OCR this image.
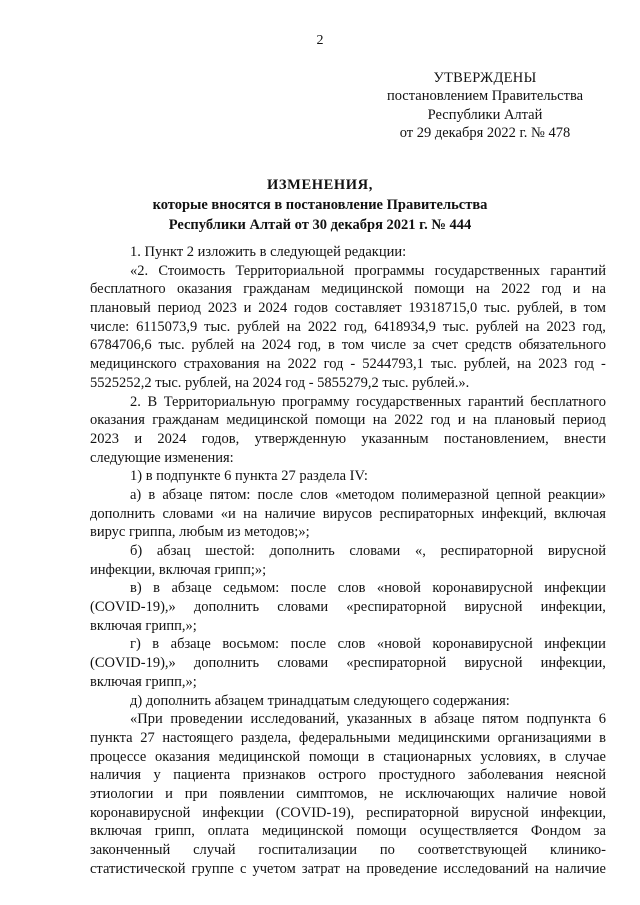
2
УТВЕРЖДЕНЫ
постановлением Правительства
Республики Алтай
от 29 декабря 2022 г. № 478
ИЗМЕНЕНИЯ,
которые вносятся в постановление Правительства
Республики Алтай от 30 декабря 2021 г. № 444
1. Пункт 2 изложить в следующей редакции:
«2. Стоимость Территориальной программы государственных гарантий
бесплатного оказания гражданам медицинской помощи на 2022 год и на
плановый период 2023 и 2024 годов составляет 19318715,0 тыс. рублей, в том
числе: 6115073,9 тыс. рублей на 2022 год, 6418934,9 тыс. рублей на 2023 год,
6784706,6 тыс. рублей на 2024 год, в том числе за счет средств обязательного
медицинского страхования на 2022 год - 5244793,1 тыс. рублей, на 2023 год -
5525252,2 тыс. рублей, на 2024 год - 5855279,2 тыс. рублей.».
2. В Территориальную программу государственных гарантий бесплатного
оказания гражданам медицинской помощи на 2022 год и на плановый период
2023 и 2024 годов, утвержденную указанным постановлением, внести
следующие изменения:
1) в подпункте 6 пункта 27 раздела IV:
а) в абзаце пятом: после слов «методом полимеразной цепной реакции»
дополнить словами «и на наличие вирусов респираторных инфекций, включая
вирус гриппа, любым из методов;»;
б) абзац шестой: дополнить словами «, респираторной вирусной
инфекции, включая грипп;»;
в) в абзаце седьмом: после слов «новой коронавирусной инфекции
(COVID-19),» дополнить словами «респираторной вирусной инфекции,
включая грипп,»;
г) в абзаце восьмом: после слов «новой коронавирусной инфекции
(COVID-19),» дополнить словами «респираторной вирусной инфекции,
включая грипп,»;
д) дополнить абзацем тринадцатым следующего содержания:
«При проведении исследований, указанных в абзаце пятом подпункта 6
пункта 27 настоящего раздела, федеральными медицинскими организациями в
процессе оказания медицинской помощи в стационарных условиях, в случае
наличия у пациента признаков острого простудного заболевания неясной
этиологии и при появлении симптомов, не исключающих наличие новой
коронавирусной инфекции (COVID-19), респираторной вирусной инфекции,
включая грипп, оплата медицинской помощи осуществляется Фондом за
законченный случай госпитализации по соответствующей клинико-
статистической группе с учетом затрат на проведение исследований на наличие
